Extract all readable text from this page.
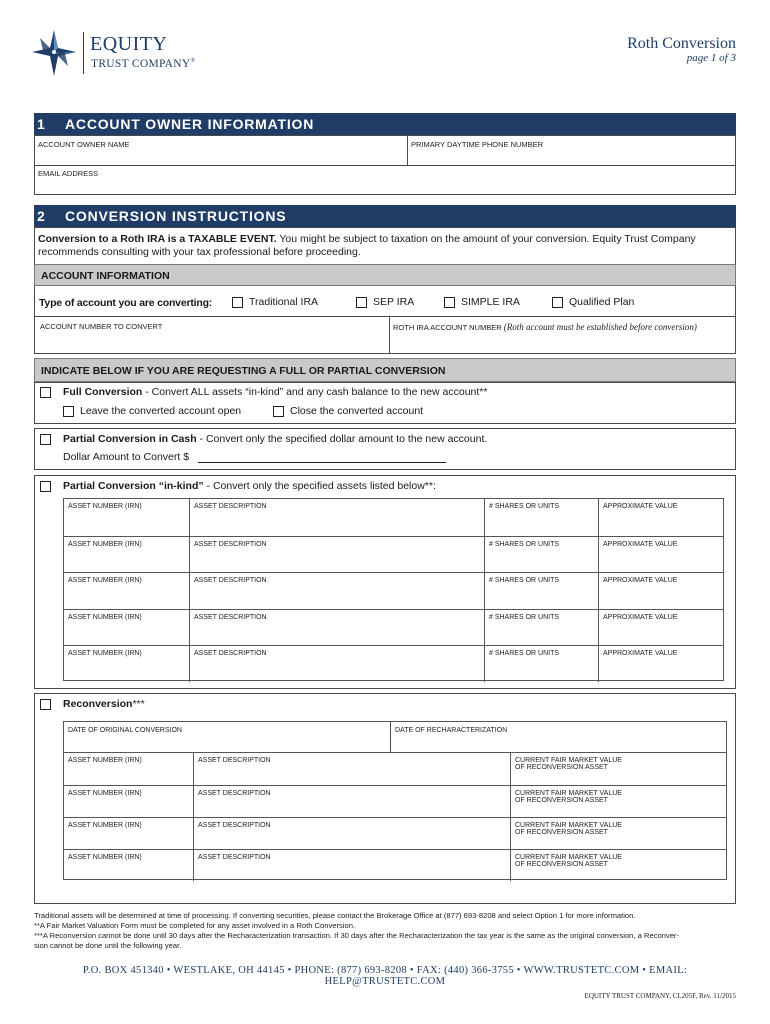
EQUITY
TRUST COMPANY®
Roth Conversion
page 1 of 3
1 ACCOUNT OWNER INFORMATION
ACCOUNT OWNER NAME	PRIMARY DAYTIME PHONE NUMBER
EMAIL ADDRESS
2 CONVERSION INSTRUCTIONS
Conversion to a Roth IRA is a TAXABLE EVENT. You might be subject to taxation on the amount of your conversion. Equity Trust Company
recommends consulting with your tax professional before proceeding.
ACCOUNT INFORMATION
Type of account you are converting:	Traditional IRA	SEP IRA	SIMPLE IRA	Qualified Plan
ACCOUNT NUMBER TO CONVERT	ROTH IRA ACCOUNT NUMBER (Roth account must be established before conversion)
INDICATE BELOW IF YOU ARE REQUESTING A FULL OR PARTIAL CONVERSION
Full Conversion - Convert ALL assets “in-kind” and any cash balance to the new account**
Leave the converted account open	Close the converted account
Partial Conversion in Cash - Convert only the specified dollar amount to the new account.
Dollar Amount to Convert $
Partial Conversion “in-kind” - Convert only the specified assets listed below**:
ASSET NUMBER (IRN)	ASSET DESCRIPTION	# SHARES OR UNITS	APPROXIMATE VALUE
ASSET NUMBER (IRN)	ASSET DESCRIPTION	# SHARES OR UNITS	APPROXIMATE VALUE
ASSET NUMBER (IRN)	ASSET DESCRIPTION	# SHARES OR UNITS	APPROXIMATE VALUE
ASSET NUMBER (IRN)	ASSET DESCRIPTION	# SHARES OR UNITS	APPROXIMATE VALUE
ASSET NUMBER (IRN)	ASSET DESCRIPTION	# SHARES OR UNITS	APPROXIMATE VALUE
Reconversion***
DATE OF ORIGINAL CONVERSION	DATE OF RECHARACTERIZATION
ASSET NUMBER (IRN)	ASSET DESCRIPTION	CURRENT FAIR MARKET VALUE
OF RECONVERSION ASSET
ASSET NUMBER (IRN)	ASSET DESCRIPTION	CURRENT FAIR MARKET VALUE
OF RECONVERSION ASSET
ASSET NUMBER (IRN)	ASSET DESCRIPTION	CURRENT FAIR MARKET VALUE
OF RECONVERSION ASSET
ASSET NUMBER (IRN)	ASSET DESCRIPTION	CURRENT FAIR MARKET VALUE
OF RECONVERSION ASSET
Traditional assets will be determined at time of processing. If converting securities, please contact the Brokerage Office at (877) 693-8208 and select Option 1 for more information.
**A Fair Market Valuation Form must be completed for any asset involved in a Roth Conversion.
***A Reconversion cannot be done until 30 days after the Recharacterization transaction. If 30 days after the Recharacterization the tax year is the same as the original conversion, a Reconver-
sion cannot be done until the following year.
P.O. BOX 451340 • WESTLAKE, OH 44145 • PHONE: (877) 693-8208 • FAX: (440) 366-3755 • WWW.TRUSTETC.COM • EMAIL: HELP@TRUSTETC.COM
EQUITY TRUST COMPANY, CL205F, Rev. 11/2015
